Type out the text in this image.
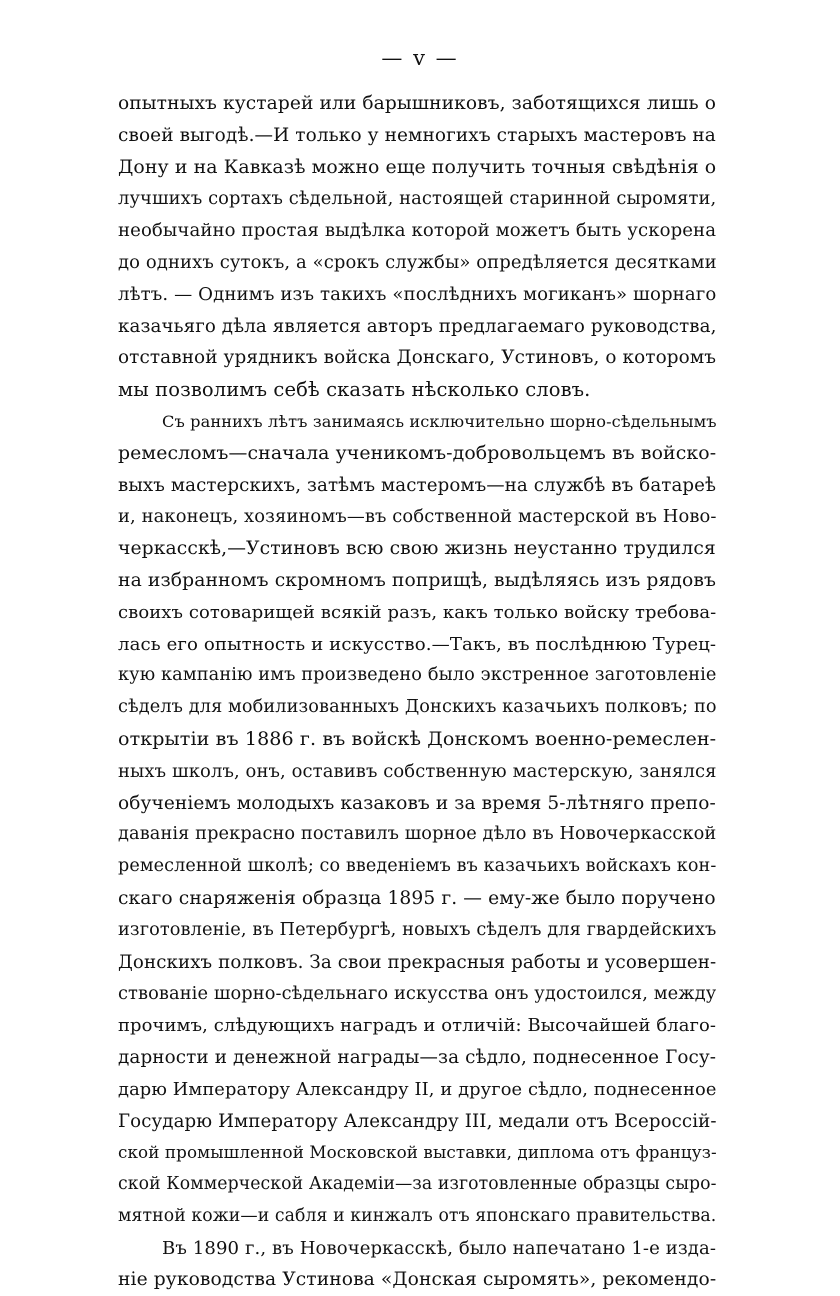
— v —
опытныхъ кустарей или барышниковъ, заботящихся лишь о
своей выгодѣ.—И только у немногихъ старыхъ мастеровъ на
Дону и на Кавказѣ можно еще получить точныя свѣдѣнія о
лучшихъ сортахъ сѣдельной, настоящей старинной сыромяти,
необычайно простая выдѣлка которой можетъ быть ускорена
до однихъ сутокъ, а «срокъ службы» опредѣляется десятками
лѣтъ. — Однимъ изъ такихъ «послѣднихъ могиканъ» шорнаго
казачьяго дѣла является авторъ предлагаемаго руководства,
отставной урядникъ войска Донскаго, Устиновъ, о которомъ
мы позволимъ себѣ сказать нѣсколько словъ.
Съ раннихъ лѣтъ занимаясь исключительно шорно-сѣдельнымъ
ремесломъ—сначала ученикомъ-добровольцемъ въ войско-
выхъ мастерскихъ, затѣмъ мастеромъ—на службѣ въ батареѣ
и, наконецъ, хозяиномъ—въ собственной мастерской въ Ново-
черкасскѣ,—Устиновъ всю свою жизнь неустанно трудился
на избранномъ скромномъ поприщѣ, выдѣляясь изъ рядовъ
своихъ сотоварищей всякій разъ, какъ только войску требова-
лась его опытность и искусство.—Такъ, въ послѣднюю Турец-
кую кампанію имъ произведено было экстренное заготовленіе
сѣделъ для мобилизованныхъ Донскихъ казачьихъ полковъ; по
открытіи въ 1886 г. въ войскѣ Донскомъ военно-ремеслен-
ныхъ школъ, онъ, оставивъ собственную мастерскую, занялся
обученіемъ молодыхъ казаковъ и за время 5-лѣтняго препо-
даванія прекрасно поставилъ шорное дѣло въ Новочеркасской
ремесленной школѣ; со введеніемъ въ казачьихъ войскахъ кон-
скаго снаряженія образца 1895 г. — ему-же было поручено
изготовленіе, въ Петербургѣ, новыхъ сѣделъ для гвардейскихъ
Донскихъ полковъ. За свои прекрасныя работы и усовершен-
ствованіе шорно-сѣдельнаго искусства онъ удостоился, между
прочимъ, слѣдующихъ наградъ и отличій: Высочайшей благо-
дарности и денежной награды—за сѣдло, поднесенное Госу-
дарю Императору Александру II, и другое сѣдло, поднесенное
Государю Императору Александру III, медали отъ Всероссій-
ской промышленной Московской выставки, диплома отъ француз-
ской Коммерческой Академіи—за изготовленные образцы сыро-
мятной кожи—и сабля и кинжалъ отъ японскаго правительства.
Въ 1890 г., въ Новочеркасскѣ, было напечатано 1-е изда-
ніе руководства Устинова «Донская сыромять», рекомендо-
